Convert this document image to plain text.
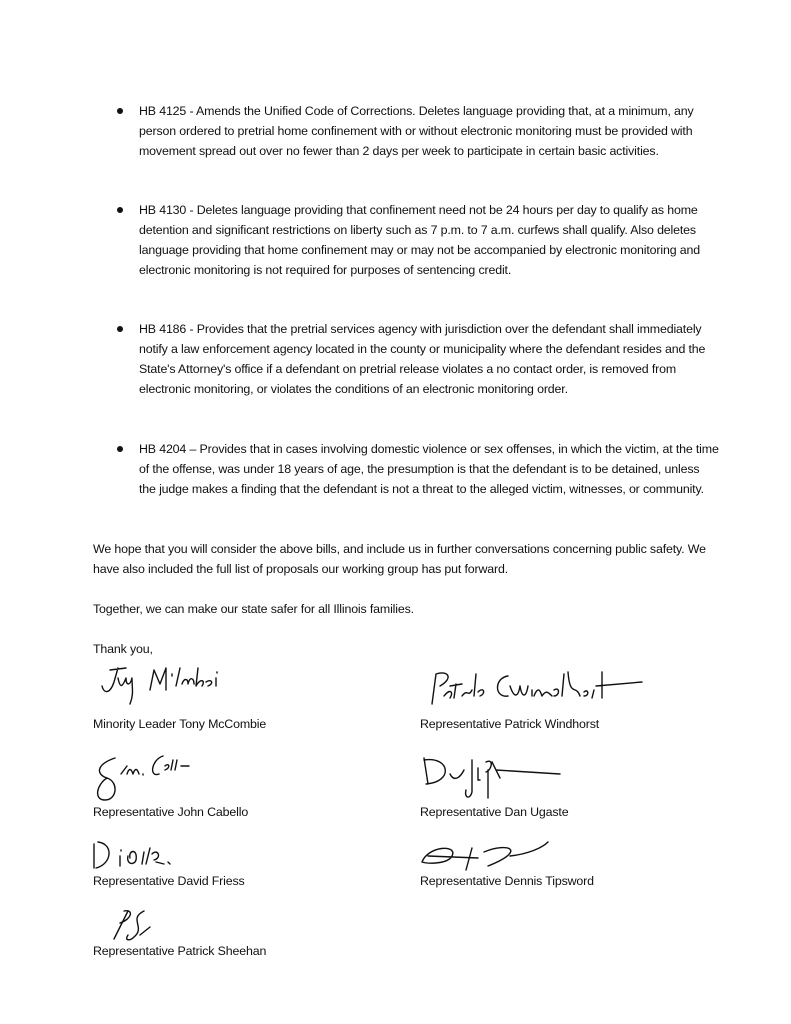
HB 4125 - Amends the Unified Code of Corrections. Deletes language providing that, at a minimum, any person ordered to pretrial home confinement with or without electronic monitoring must be provided with movement spread out over no fewer than 2 days per week to participate in certain basic activities.
HB 4130 - Deletes language providing that confinement need not be 24 hours per day to qualify as home detention and significant restrictions on liberty such as 7 p.m. to 7 a.m. curfews shall qualify. Also deletes language providing that home confinement may or may not be accompanied by electronic monitoring and electronic monitoring is not required for purposes of sentencing credit.
HB 4186 - Provides that the pretrial services agency with jurisdiction over the defendant shall immediately notify a law enforcement agency located in the county or municipality where the defendant resides and the State's Attorney's office if a defendant on pretrial release violates a no contact order, is removed from electronic monitoring, or violates the conditions of an electronic monitoring order.
HB 4204 – Provides that in cases involving domestic violence or sex offenses, in which the victim, at the time of the offense, was under 18 years of age, the presumption is that the defendant is to be detained, unless the judge makes a finding that the defendant is not a threat to the alleged victim, witnesses, or community.
We hope that you will consider the above bills, and include us in further conversations concerning public safety. We have also included the full list of proposals our working group has put forward.
Together, we can make our state safer for all Illinois families.
Thank you,
Minority Leader Tony McCombie	Representative Patrick Windhorst
Representative John Cabello	Representative Dan Ugaste
Representative David Friess	Representative Dennis Tipsword
Representative Patrick Sheehan
